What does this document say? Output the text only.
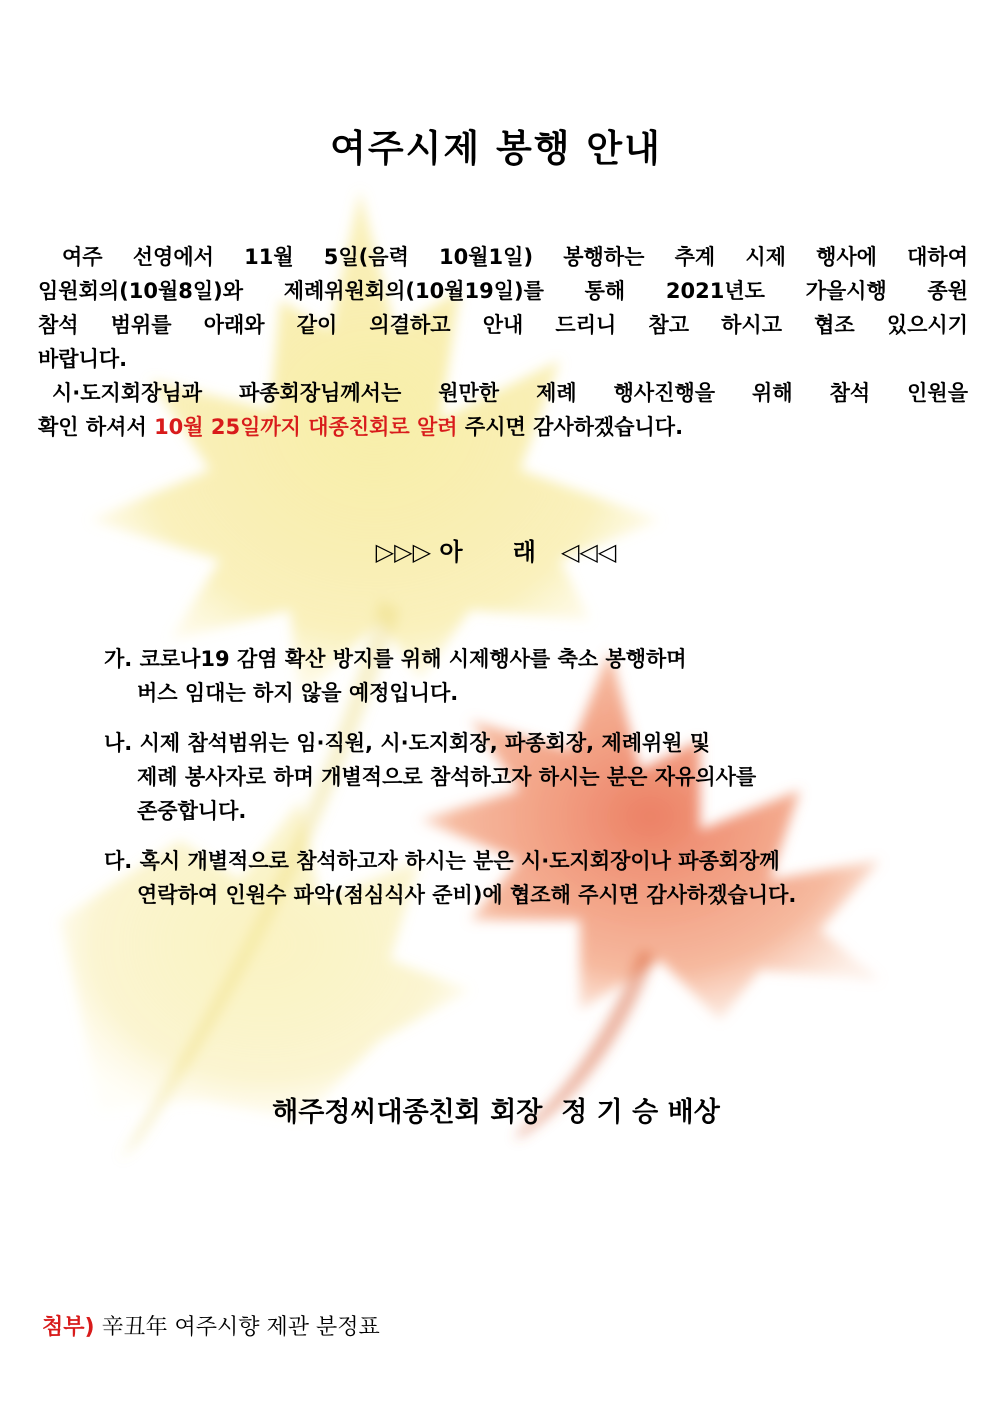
여주시제 봉행 안내
여주 선영에서 11월 5일(음력 10월1일) 봉행하는 추계 시제 행사에 대하여
임원회의(10월8일)와 제례위원회의(10월19일)를 통해 2021년도 가을시행 종원
참석 범위를 아래와 같이 의결하고 안내 드리니 참고 하시고 협조 있으시기
바랍니다.
시·도지회장님과 파종회장님께서는 원만한 제례 행사진행을 위해 참석 인원을
확인 하셔서 10월 25일까지 대종친회로 알려 주시면 감사하겠습니다.
▷▷▷ 아      래   ◁◁◁
가. 코로나19 감염 확산 방지를 위해 시제행사를 축소 봉행하며
버스 임대는 하지 않을 예정입니다.
나. 시제 참석범위는 임·직원, 시·도지회장, 파종회장, 제례위원 및
제례 봉사자로 하며 개별적으로 참석하고자 하시는 분은 자유의사를
존중합니다.
다. 혹시 개별적으로 참석하고자 하시는 분은 시·도지회장이나 파종회장께
연락하여 인원수 파악(점심식사 준비)에 협조해 주시면 감사하겠습니다.
해주정씨대종친회 회장  정 기 승 배상
첨부) 辛丑年 여주시향 제관 분정표
